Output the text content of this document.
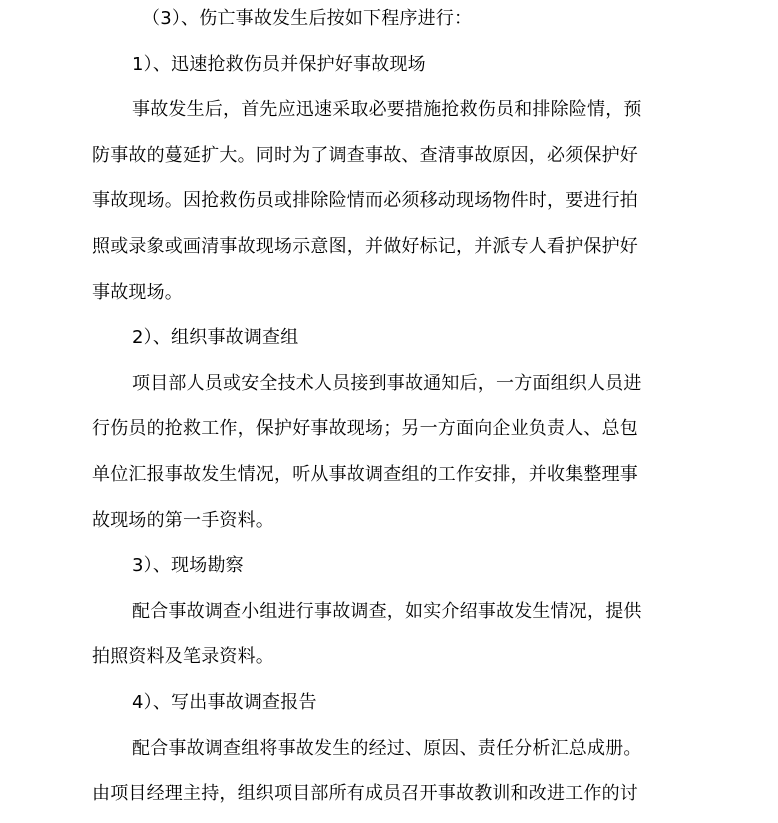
（3）、伤亡事故发生后按如下程序进行：

1）、迅速抢救伤员并保护好事故现场

事故发生后，首先应迅速采取必要措施抢救伤员和排除险情，预

防事故的蔓延扩大。同时为了调查事故、查清事故原因，必须保护好

事故现场。因抢救伤员或排除险情而必须移动现场物件时，要进行拍

照或录象或画清事故现场示意图，并做好标记，并派专人看护保护好

事故现场。

2）、组织事故调查组

项目部人员或安全技术人员接到事故通知后，一方面组织人员进

行伤员的抢救工作，保护好事故现场；另一方面向企业负责人、总包

单位汇报事故发生情况，听从事故调查组的工作安排，并收集整理事

故现场的第一手资料。

3）、现场勘察

配合事故调查小组进行事故调查，如实介绍事故发生情况，提供

拍照资料及笔录资料。

4）、写出事故调查报告

配合事故调查组将事故发生的经过、原因、责任分析汇总成册。

由项目经理主持，组织项目部所有成员召开事故教训和改进工作的讨
